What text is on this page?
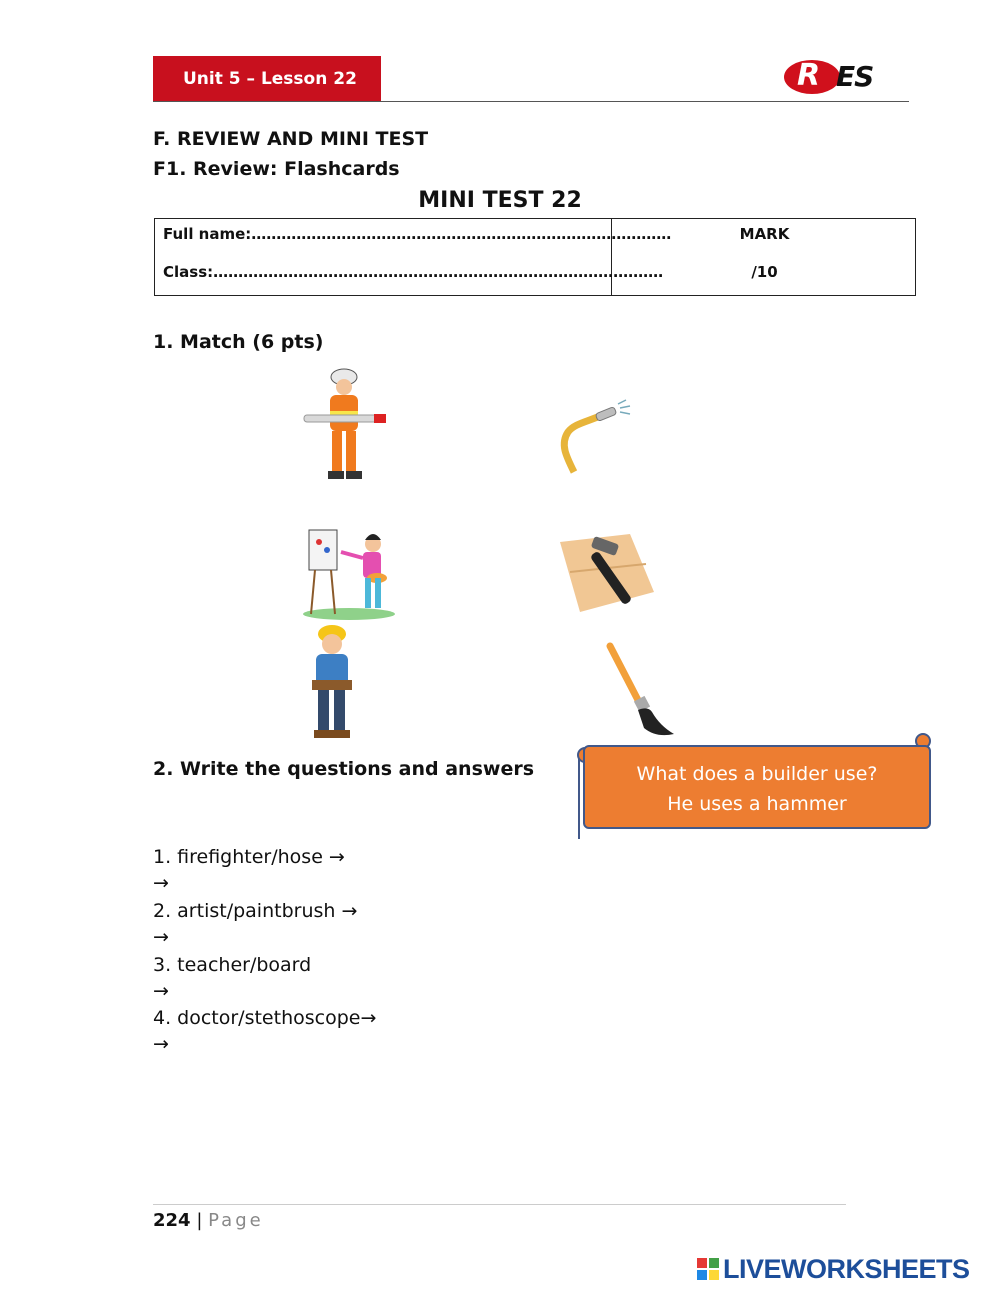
Unit 5 – Lesson 22	R ES
F. REVIEW AND MINI TEST
F1. Review: Flashcards
MINI TEST 22
Full name:…………………………………………………………………………
Class:………………………………………………………………………………
MARK
/10
1. Match (6 pts)
2. Write the questions and answers	What does a builder use?
He uses a hammer
1. firefighter/hose →
→
2. artist/paintbrush →
→
3. teacher/board
→
4. doctor/stethoscope→
→
224 | Page
LIVEWORKSHEETS
